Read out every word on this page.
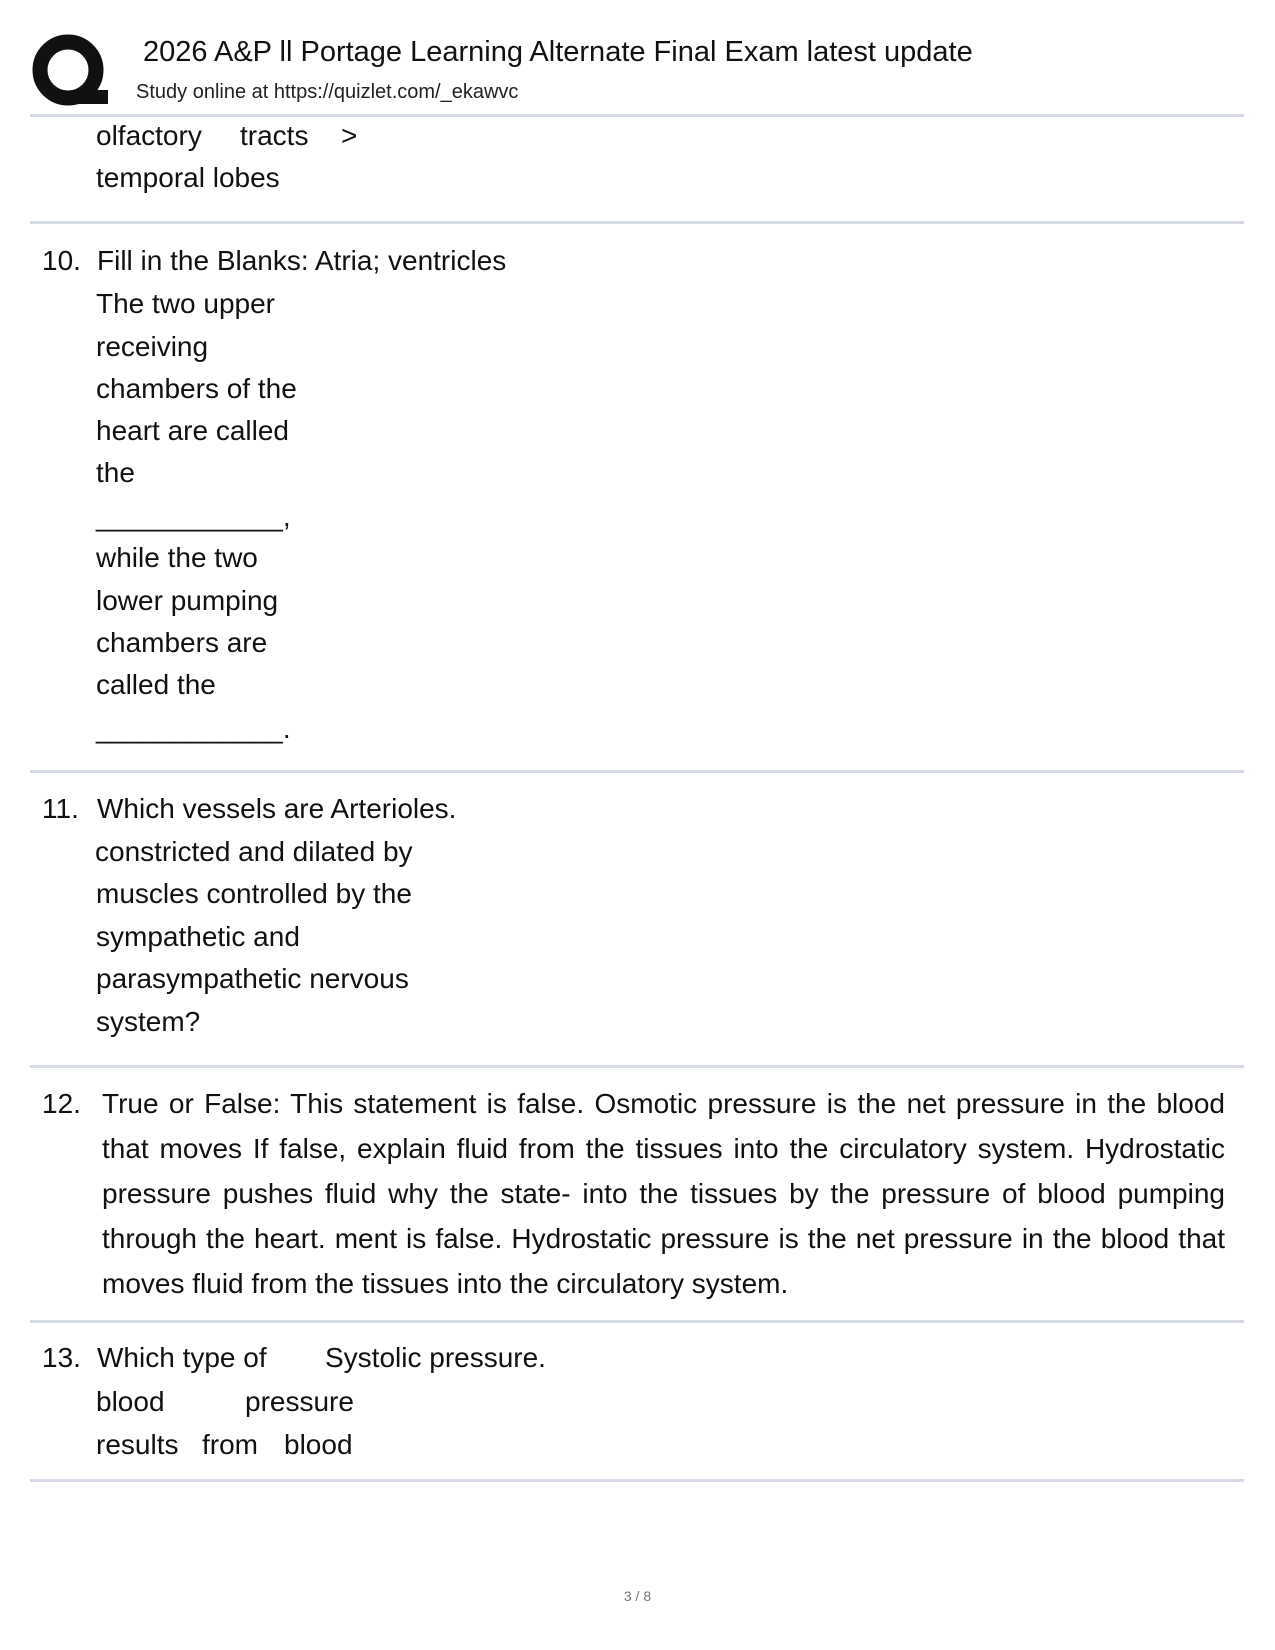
2026 A&P ll Portage Learning Alternate Final Exam latest update
Study online at https://quizlet.com/_ekawvc
olfactory tracts >
temporal lobes
10. Fill in the Blanks: Atria; ventricles
The two upper
receiving
chambers of the
heart are called
the
____________,
while the two
lower pumping
chambers are
called the
____________.
11. Which vessels are Arterioles.
constricted and dilated by
muscles controlled by the
sympathetic and
parasympathetic nervous
system?
12. True or False: This statement is false. Osmotic pressure is the net pressure in the blood that moves If false, explain fluid from the tissues into the circulatory system. Hydrostatic pressure pushes fluid why the state- into the tissues by the pressure of blood pumping through the heart. ment is false. Hydrostatic pressure is the net pressure in the blood that moves fluid from the tissues into the circulatory system.
13. Which type of Systolic pressure.
blood	pressure
results from blood
3 / 8
